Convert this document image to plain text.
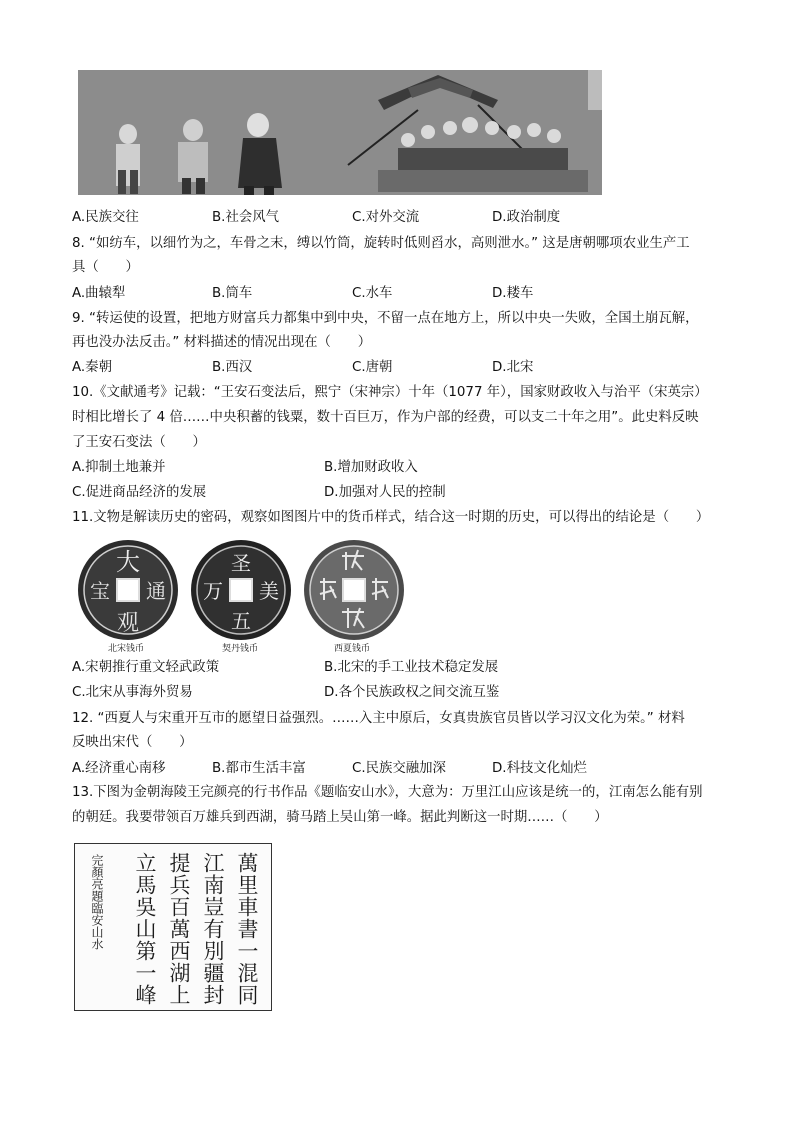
A.民族交往	B.社会风气	C.对外交流	D.政治制度
8. “如纺车，以细竹为之，车骨之末，缚以竹筒，旋转时低则舀水，高则泄水。” 这是唐朝哪项农业生产工
具（　　）
A.曲辕犁	B.筒车	C.水车	D.耧车
9. “转运使的设置，把地方财富兵力都集中到中央，不留一点在地方上，所以中央一失败，全国土崩瓦解，
再也没办法反击。” 材料描述的情况出现在（　　）
A.秦朝	B.西汉	C.唐朝	D.北宋
10.《文献通考》记载：“王安石变法后，熙宁（宋神宗）十年（1077 年），国家财政收入与治平（宋英宗）
时相比增长了 4 倍……中央积蓄的钱粟，数十百巨万，作为户部的经费，可以支二十年之用”。此史料反映
了王安石变法（　　）
A.抑制土地兼并	B.增加财政收入
C.促进商品经济的发展	D.加强对人民的控制
11.文物是解读历史的密码，观察如图图片中的货币样式，结合这一时期的历史，可以得出的结论是（　　）
大
通
观
宝
北宋钱币
圣
美
五
万
契丹钱币	西夏钱币
A.宋朝推行重文轻武政策	B.北宋的手工业技术稳定发展
C.北宋从事海外贸易	D.各个民族政权之间交流互鉴
12. “西夏人与宋重开互市的愿望日益强烈。……入主中原后，女真贵族官员皆以学习汉文化为荣。” 材料
反映出宋代（　　）
A.经济重心南移	B.都市生活丰富	C.民族交融加深	D.科技文化灿烂
13.下图为金朝海陵王完颜亮的行书作品《题临安山水》，大意为：万里江山应该是统一的，江南怎么能有别
的朝廷。我要带领百万雄兵到西湖，骑马踏上吴山第一峰。据此判断这一时期……（　　）
萬里車書一混同
江南豈有別疆封
提兵百萬西湖上
立馬吳山第一峰
完顏亮題臨安山水
